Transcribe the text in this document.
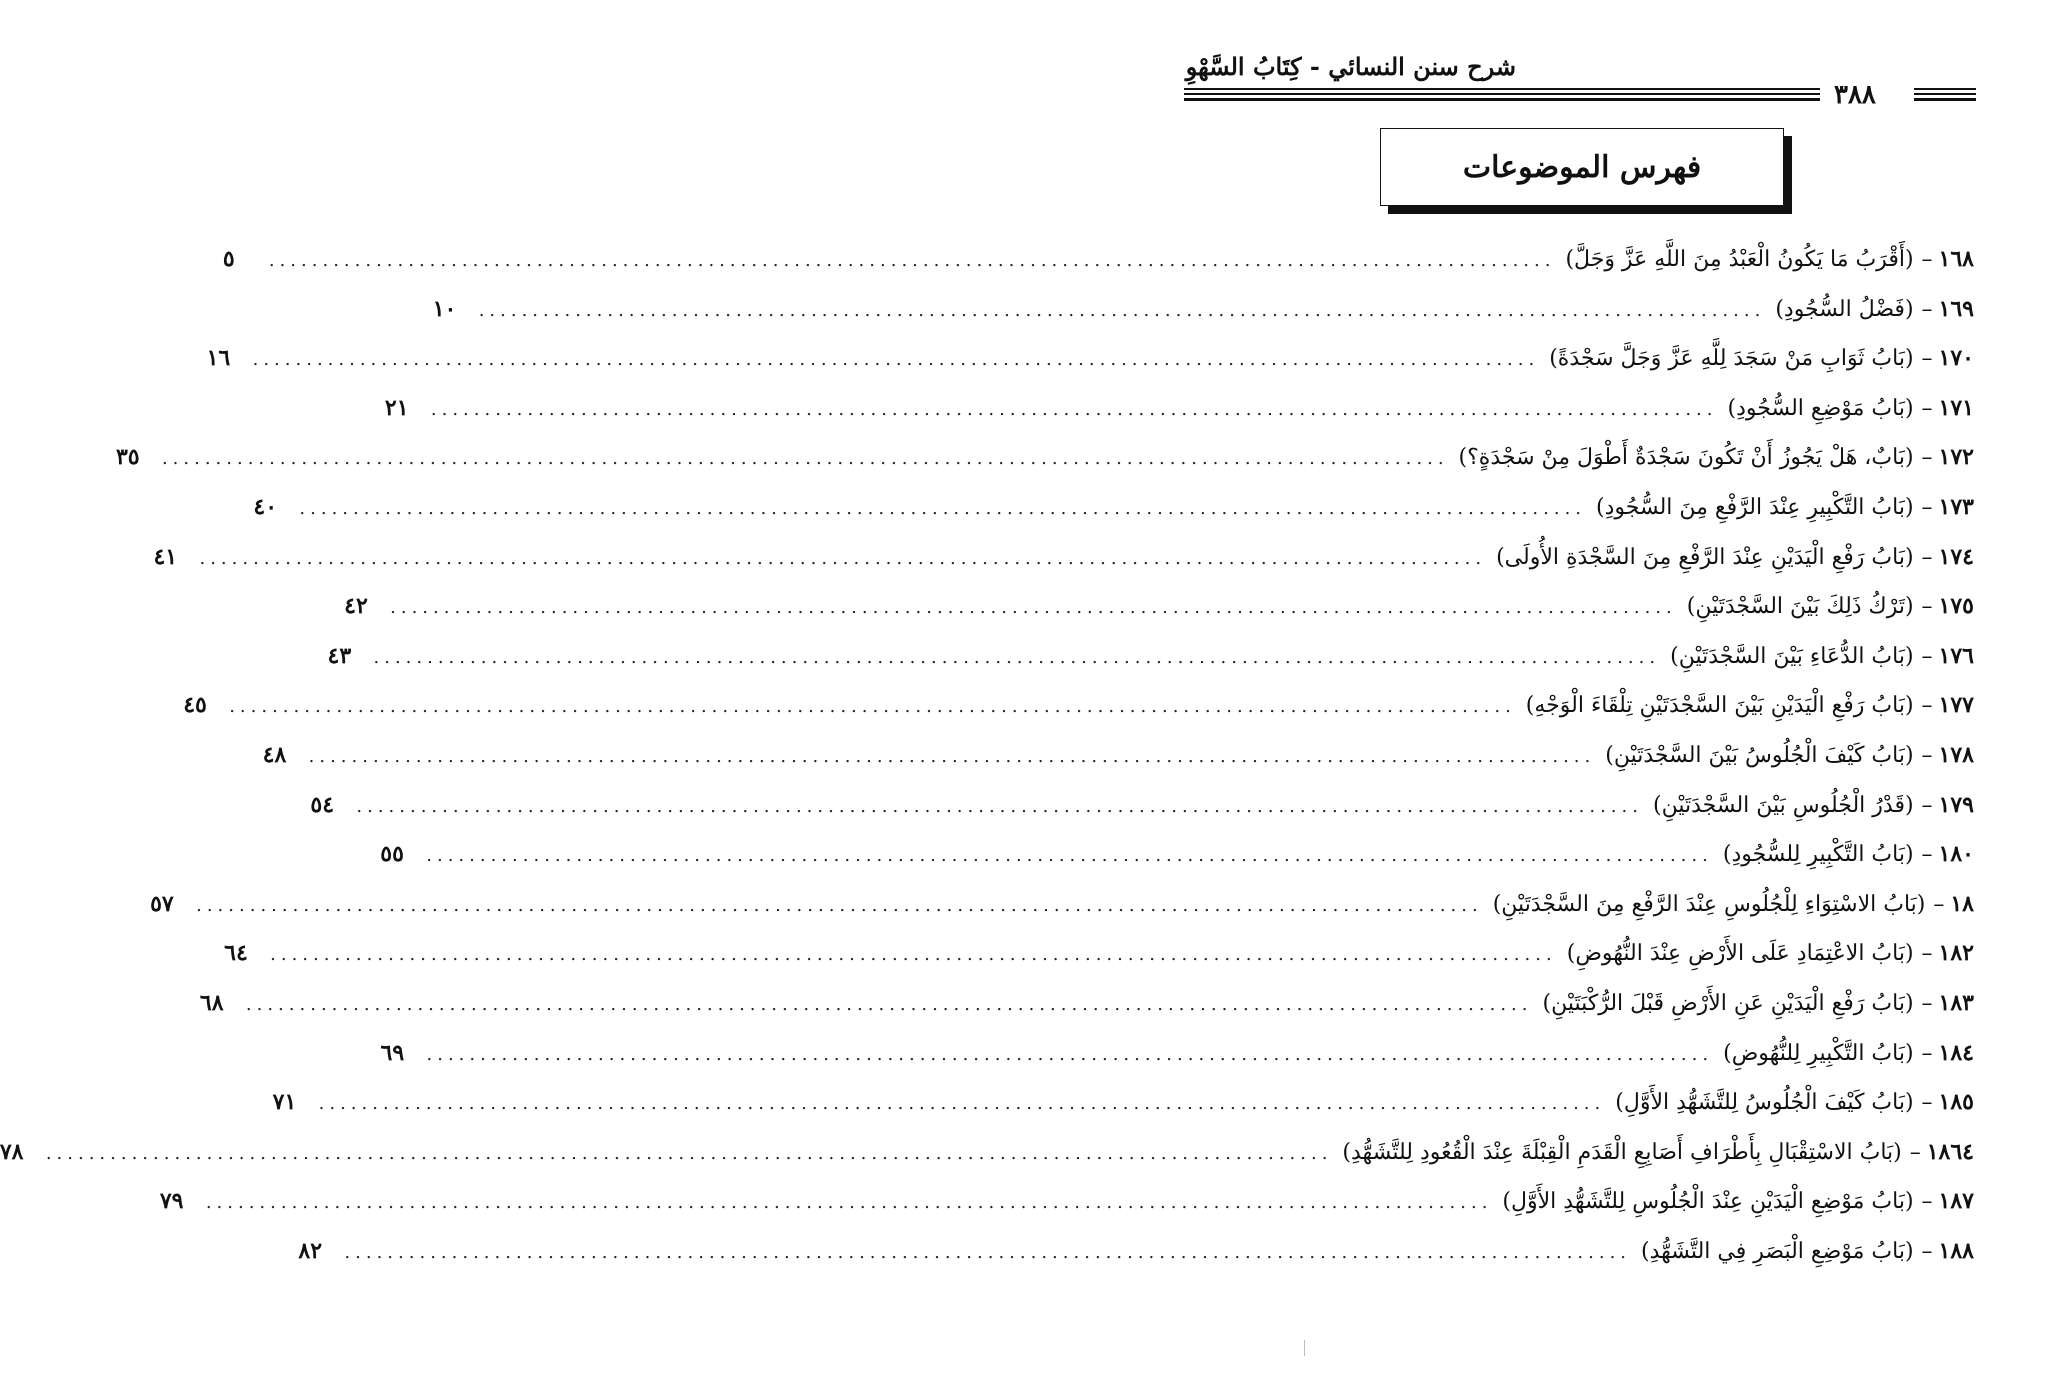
شرح سنن النسائي - كِتَابُ السَّهْوِ
٣٨٨
فهرس الموضوعات
١٦٨
–
(أَقْرَبُ مَا يَكُونُ الْعَبْدُ مِنَ اللَّهِ عَزَّ وَجَلَّ)
........................................................................................................................
٥
١٦٩
–
(فَضْلُ السُّجُودِ)
........................................................................................................................
١٠
١٧٠
–
(بَابُ ثَوَابِ مَنْ سَجَدَ لِلَّهِ عَزَّ وَجَلَّ سَجْدَةً)
........................................................................................................................
١٦
١٧١
–
(بَابُ مَوْضِعِ السُّجُودِ)
........................................................................................................................
٢١
١٧٢
–
(بَابٌ، هَلْ يَجُوزُ أَنْ تَكُونَ سَجْدَةٌ أَطْوَلَ مِنْ سَجْدَةٍ؟)
........................................................................................................................
٣٥
١٧٣
–
(بَابُ التَّكْبِيرِ عِنْدَ الرَّفْعِ مِنَ السُّجُودِ)
........................................................................................................................
٤٠
١٧٤
–
(بَابُ رَفْعِ الْيَدَيْنِ عِنْدَ الرَّفْعِ مِنَ السَّجْدَةِ الأُولَى)
........................................................................................................................
٤١
١٧٥
–
(تَرْكُ ذَلِكَ بَيْنَ السَّجْدَتَيْنِ)
........................................................................................................................
٤٢
١٧٦
–
(بَابُ الدُّعَاءِ بَيْنَ السَّجْدَتَيْنِ)
........................................................................................................................
٤٣
١٧٧
–
(بَابُ رَفْعِ الْيَدَيْنِ بَيْنَ السَّجْدَتَيْنِ تِلْقَاءَ الْوَجْهِ)
........................................................................................................................
٤٥
١٧٨
–
(بَابُ كَيْفَ الْجُلُوسُ بَيْنَ السَّجْدَتَيْنِ)
........................................................................................................................
٤٨
١٧٩
–
(قَدْرُ الْجُلُوسِ بَيْنَ السَّجْدَتَيْنِ)
........................................................................................................................
٥٤
١٨٠
–
(بَابُ التَّكْبِيرِ لِلسُّجُودِ)
........................................................................................................................
٥٥
١٨
–
(بَابُ الاسْتِوَاءِ لِلْجُلُوسِ عِنْدَ الرَّفْعِ مِنَ السَّجْدَتَيْنِ)
........................................................................................................................
٥٧
١٨٢
–
(بَابُ الاعْتِمَادِ عَلَى الأَرْضِ عِنْدَ النُّهُوضِ)
........................................................................................................................
٦٤
١٨٣
–
(بَابُ رَفْعِ الْيَدَيْنِ عَنِ الأَرْضِ قَبْلَ الرُّكْبَتَيْنِ)
........................................................................................................................
٦٨
١٨٤
–
(بَابُ التَّكْبِيرِ لِلنُّهُوضِ)
........................................................................................................................
٦٩
١٨٥
–
(بَابُ كَيْفَ الْجُلُوسُ لِلتَّشَهُّدِ الأَوَّلِ)
........................................................................................................................
٧١
١٨٦٤
–
(بَابُ الاسْتِقْبَالِ بِأَطْرَافِ أَصَابِعِ الْقَدَمِ الْقِبْلَةَ عِنْدَ الْقُعُودِ لِلتَّشَهُّدِ)
........................................................................................................................
٧٨
١٨٧
–
(بَابُ مَوْضِعِ الْيَدَيْنِ عِنْدَ الْجُلُوسِ لِلتَّشَهُّدِ الأَوَّلِ)
........................................................................................................................
٧٩
١٨٨
–
(بَابُ مَوْضِعِ الْبَصَرِ فِي التَّشَهُّدِ)
........................................................................................................................
٨٢
